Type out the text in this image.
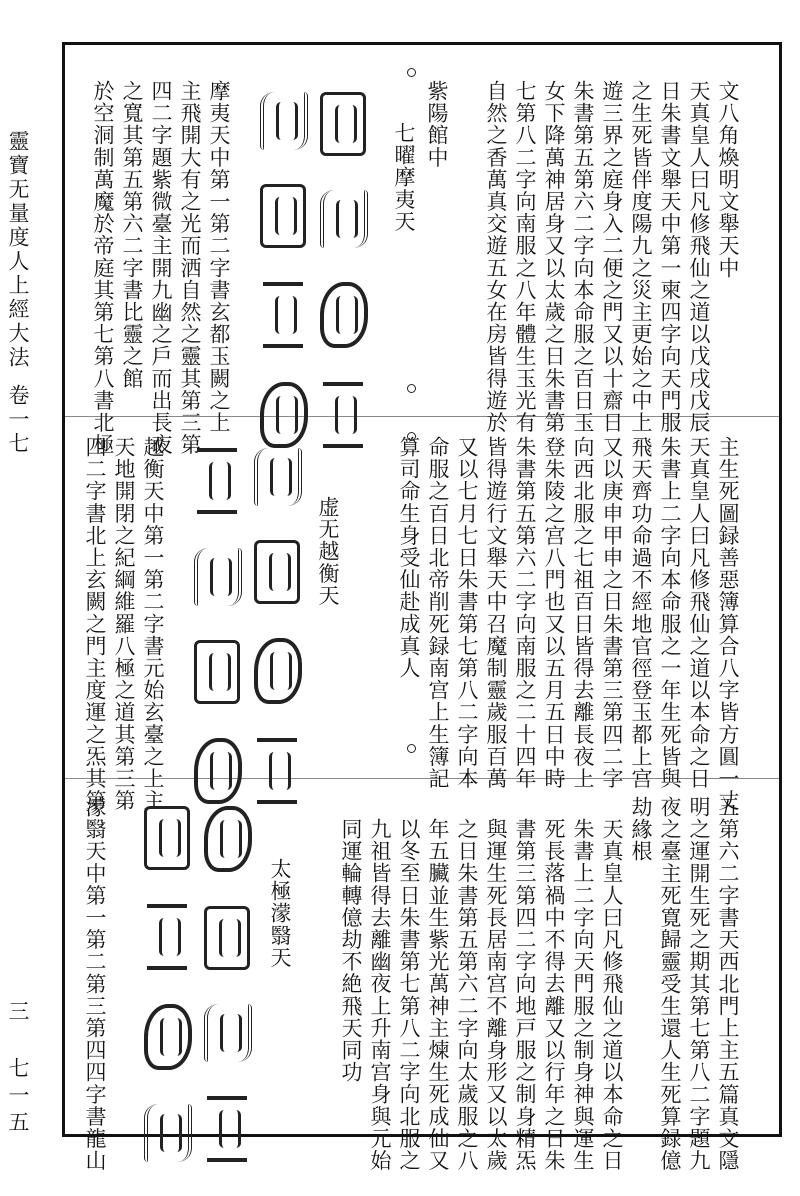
靈寶无量度人上經大法卷一七
三 七一五
文八角煥明文舉天中
天真皇人曰凡修飛仙之道以戊戌戊辰
日朱書文舉天中第一柬四字向天門服
之生死皆伴度陽九之災主更始之中上
遊三界之庭身入二便之門又以十齋日
朱書第五第六二字向本命服之百日玉
女下降萬神居身又以太歲之日朱書第
七第八二字向南服之八年體生玉光有
自然之香萬真交遊五女在房皆得遊於
紫陽館中
七曜摩夷天
摩夷天中第一第二字書玄都玉闕之上
主飛開大有之光而洒自然之靈其第三第
四二字題紫微臺主開九幽之戶而出長夜
之寬其第五第六二字書比靈之館
於空洞制萬魔於帝庭其第七第八書北極
主生死圖録善惡簿算合八字皆方圓一丈
天真皇人曰凡修飛仙之道以本命之日
朱書上二字向本命服之一年生死皆與
飛天齊功命過不經地官徑登玉都上宫
又以庚申甲申之日朱書第三第四二字
向西北服之七祖百日皆得去離長夜上
登朱陵之宫八門也又以五月五日中時
朱書第五第六二字向南服之二十四年
皆得遊行文舉天中召魔制靈歲服百萬
又以七月七日朱書第七第八二字向本
命服之百日北帝削死録南宫上生簿記
算司命生身受仙赴成真人
虚无越衡天
越衡天中第一第二字書元始玄臺之上主
天地開閉之紀綱維羅八極之道其第三第
四二字書北上玄闕之門主度運之炁其第
五第六二字書天西北門上主五篇真文隱
明之運開生死之期其第七第八二字題九
夜之臺主死寛歸靈受生還人生死算録億
劫緣根
天真皇人曰凡修飛仙之道以本命之日
朱書上二字向天門服之制身神與運生
死長落禍中不得去離又以行年之日朱
書第三第四二字向地戸服之制身精炁
與運生死長居南宫不離身形又以太歲
之日朱書第五第六二字向太歲服之八
年五臟並生紫光萬神主煉生死成仙又
以冬至日朱書第七第八二字向北服之
九祖皆得去離幽夜上升南宫身與元始
同運輪轉億劫不絶飛天同功
太極濛翳天
濛翳天中第一第二第三第四四字書龍山
